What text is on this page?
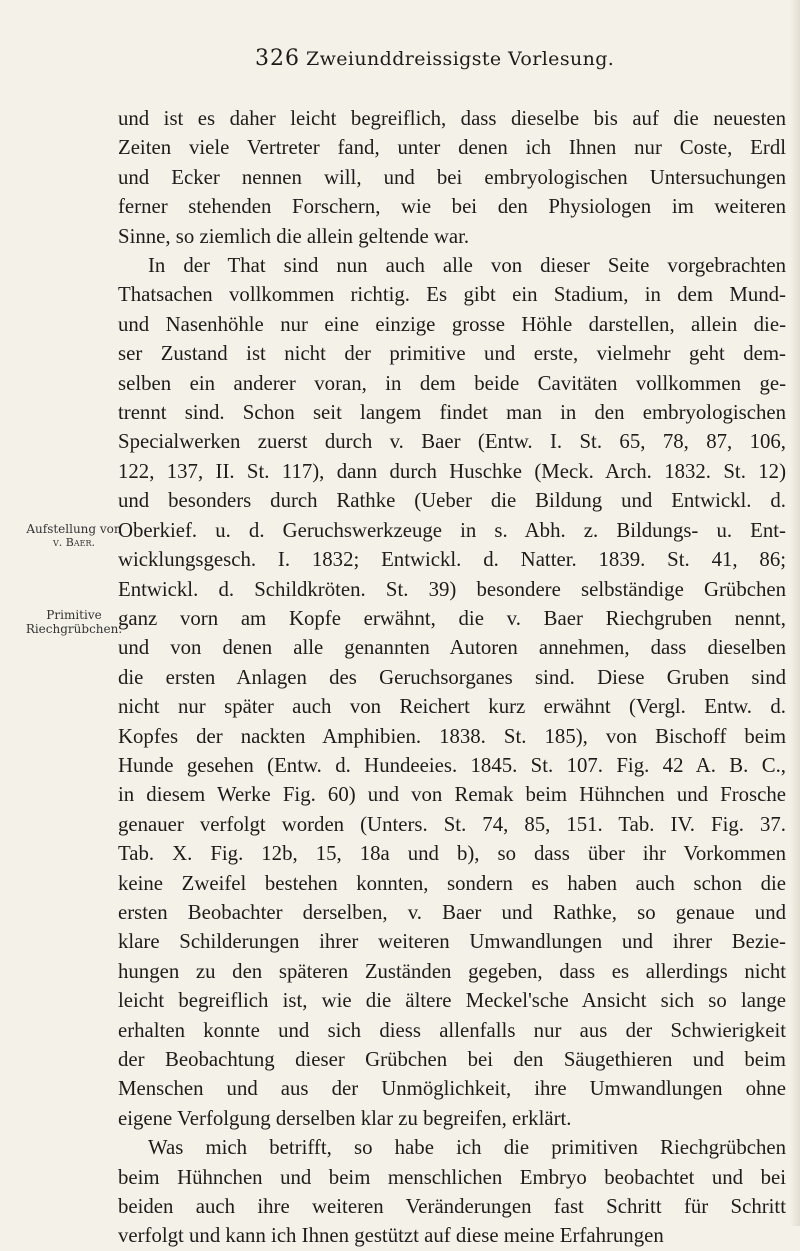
326 Zweiunddreissigste Vorlesung.
Aufstellung von
v. Baer.
Primitive
Riechgrübchen.
und ist es daher leicht begreiflich, dass dieselbe bis auf die neuesten
Zeiten viele Vertreter fand, unter denen ich Ihnen nur Coste, Erdl
und Ecker nennen will, und bei embryologischen Untersuchungen
ferner stehenden Forschern, wie bei den Physiologen im weiteren
Sinne, so ziemlich die allein geltende war.
In der That sind nun auch alle von dieser Seite vorgebrachten
Thatsachen vollkommen richtig. Es gibt ein Stadium, in dem Mund-
und Nasenhöhle nur eine einzige grosse Höhle darstellen, allein die-
ser Zustand ist nicht der primitive und erste, vielmehr geht dem-
selben ein anderer voran, in dem beide Cavitäten vollkommen ge-
trennt sind. Schon seit langem findet man in den embryologischen
Specialwerken zuerst durch v. Baer (Entw. I. St. 65, 78, 87, 106,
122, 137, II. St. 117), dann durch Huschke (Meck. Arch. 1832. St. 12)
und besonders durch Rathke (Ueber die Bildung und Entwickl. d.
Oberkief. u. d. Geruchswerkzeuge in s. Abh. z. Bildungs- u. Ent-
wicklungsgesch. I. 1832; Entwickl. d. Natter. 1839. St. 41, 86;
Entwickl. d. Schildkröten. St. 39) besondere selbständige Grübchen
ganz vorn am Kopfe erwähnt, die v. Baer Riechgruben nennt,
und von denen alle genannten Autoren annehmen, dass dieselben
die ersten Anlagen des Geruchsorganes sind. Diese Gruben sind
nicht nur später auch von Reichert kurz erwähnt (Vergl. Entw. d.
Kopfes der nackten Amphibien. 1838. St. 185), von Bischoff beim
Hunde gesehen (Entw. d. Hundeeies. 1845. St. 107. Fig. 42 A. B. C.,
in diesem Werke Fig. 60) und von Remak beim Hühnchen und Frosche
genauer verfolgt worden (Unters. St. 74, 85, 151. Tab. IV. Fig. 37.
Tab. X. Fig. 12b, 15, 18a und b), so dass über ihr Vorkommen
keine Zweifel bestehen konnten, sondern es haben auch schon die
ersten Beobachter derselben, v. Baer und Rathke, so genaue und
klare Schilderungen ihrer weiteren Umwandlungen und ihrer Bezie-
hungen zu den späteren Zuständen gegeben, dass es allerdings nicht
leicht begreiflich ist, wie die ältere Meckel'sche Ansicht sich so lange
erhalten konnte und sich diess allenfalls nur aus der Schwierigkeit
der Beobachtung dieser Grübchen bei den Säugethieren und beim
Menschen und aus der Unmöglichkeit, ihre Umwandlungen ohne
eigene Verfolgung derselben klar zu begreifen, erklärt.
Was mich betrifft, so habe ich die primitiven Riechgrübchen
beim Hühnchen und beim menschlichen Embryo beobachtet und bei
beiden auch ihre weiteren Veränderungen fast Schritt für Schritt
verfolgt und kann ich Ihnen gestützt auf diese meine Erfahrungen
